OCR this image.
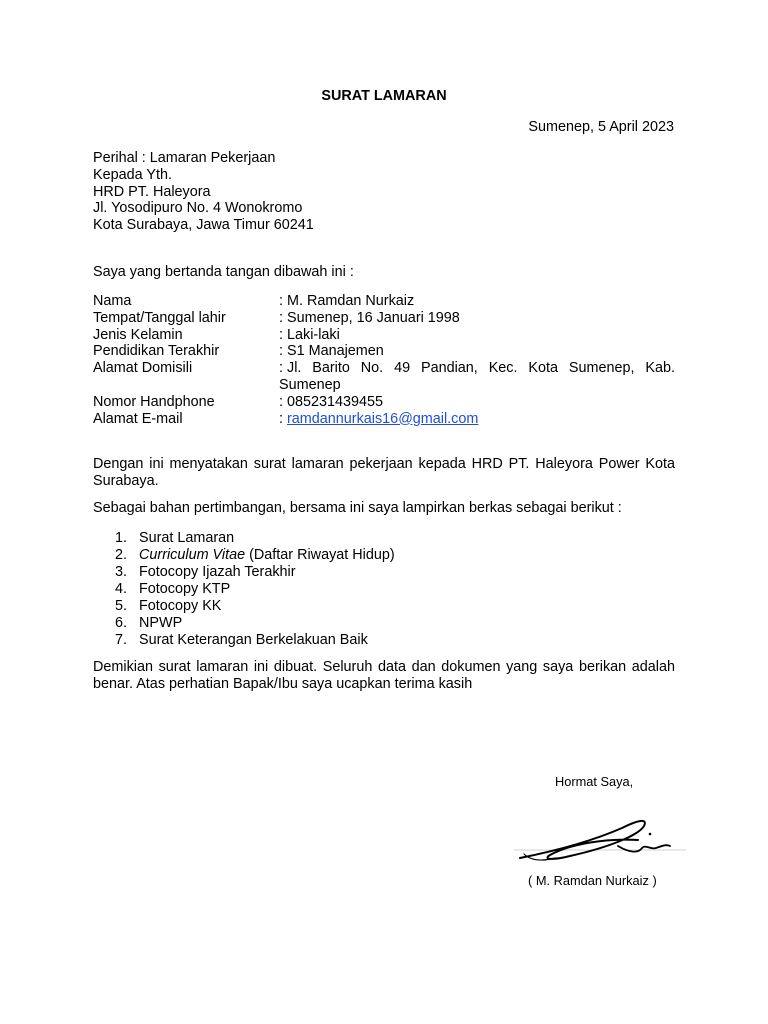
SURAT LAMARAN
Sumenep, 5 April 2023
Perihal : Lamaran Pekerjaan
Kepada Yth.
HRD PT. Haleyora
Jl. Yosodipuro No. 4 Wonokromo
Kota Surabaya, Jawa Timur 60241
Saya yang bertanda tangan dibawah ini :
Nama	: M. Ramdan Nurkaiz
Tempat/Tanggal lahir	: Sumenep, 16 Januari 1998
Jenis Kelamin	: Laki-laki
Pendidikan Terakhir	: S1 Manajemen
Alamat Domisili	: Jl. Barito No. 49 Pandian, Kec. Kota Sumenep, Kab. Sumenep
Nomor Handphone	: 085231439455
Alamat E-mail	: ramdannurkais16@gmail.com
Dengan ini menyatakan surat lamaran pekerjaan kepada HRD PT. Haleyora Power Kota Surabaya.
Sebagai bahan pertimbangan, bersama ini saya lampirkan berkas sebagai berikut :
1. Surat Lamaran
2. Curriculum Vitae (Daftar Riwayat Hidup)
3. Fotocopy Ijazah Terakhir
4. Fotocopy KTP
5. Fotocopy KK
6. NPWP
7. Surat Keterangan Berkelakuan Baik
Demikian surat lamaran ini dibuat. Seluruh data dan dokumen yang saya berikan adalah benar. Atas perhatian Bapak/Ibu saya ucapkan terima kasih
Hormat Saya,
( M. Ramdan Nurkaiz )
